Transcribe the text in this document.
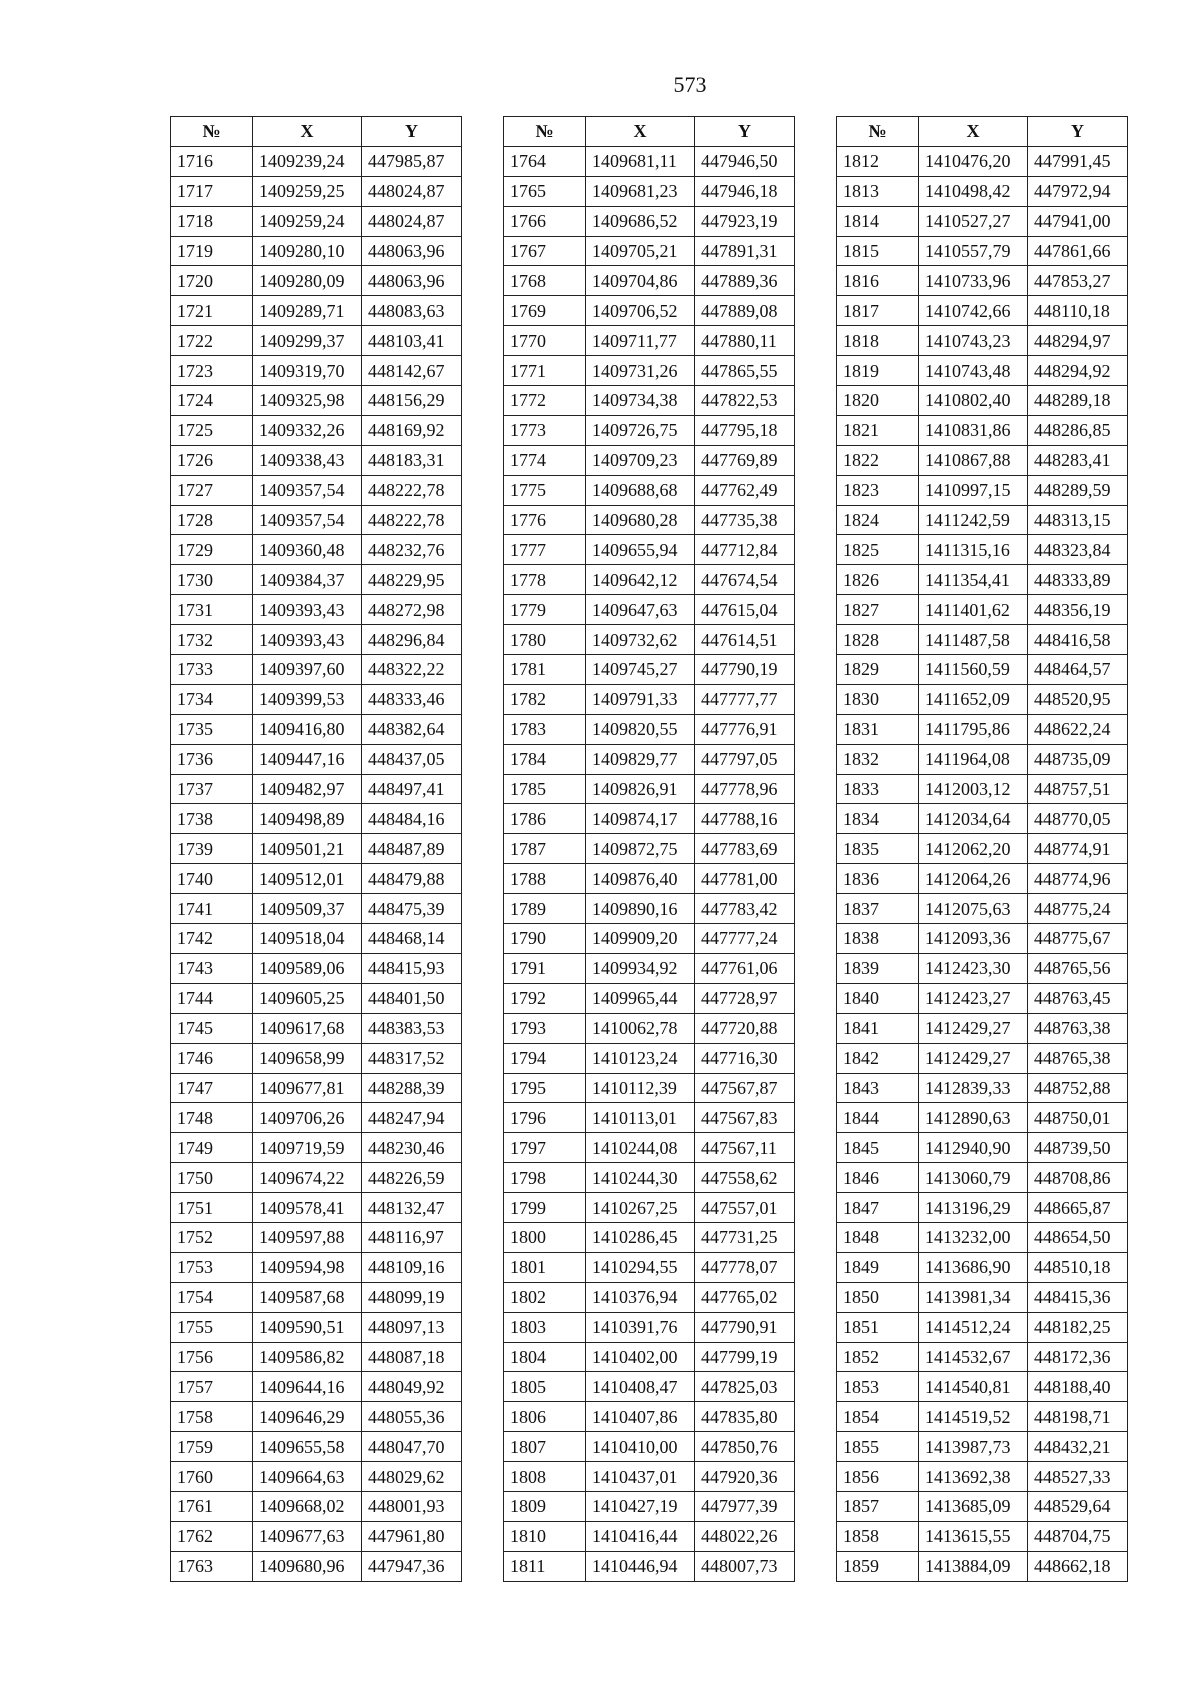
573
№	X	Y
1716	1409239,24	447985,87
1717	1409259,25	448024,87
1718	1409259,24	448024,87
1719	1409280,10	448063,96
1720	1409280,09	448063,96
1721	1409289,71	448083,63
1722	1409299,37	448103,41
1723	1409319,70	448142,67
1724	1409325,98	448156,29
1725	1409332,26	448169,92
1726	1409338,43	448183,31
1727	1409357,54	448222,78
1728	1409357,54	448222,78
1729	1409360,48	448232,76
1730	1409384,37	448229,95
1731	1409393,43	448272,98
1732	1409393,43	448296,84
1733	1409397,60	448322,22
1734	1409399,53	448333,46
1735	1409416,80	448382,64
1736	1409447,16	448437,05
1737	1409482,97	448497,41
1738	1409498,89	448484,16
1739	1409501,21	448487,89
1740	1409512,01	448479,88
1741	1409509,37	448475,39
1742	1409518,04	448468,14
1743	1409589,06	448415,93
1744	1409605,25	448401,50
1745	1409617,68	448383,53
1746	1409658,99	448317,52
1747	1409677,81	448288,39
1748	1409706,26	448247,94
1749	1409719,59	448230,46
1750	1409674,22	448226,59
1751	1409578,41	448132,47
1752	1409597,88	448116,97
1753	1409594,98	448109,16
1754	1409587,68	448099,19
1755	1409590,51	448097,13
1756	1409586,82	448087,18
1757	1409644,16	448049,92
1758	1409646,29	448055,36
1759	1409655,58	448047,70
1760	1409664,63	448029,62
1761	1409668,02	448001,93
1762	1409677,63	447961,80
1763	1409680,96	447947,36
№	X	Y
1764	1409681,11	447946,50
1765	1409681,23	447946,18
1766	1409686,52	447923,19
1767	1409705,21	447891,31
1768	1409704,86	447889,36
1769	1409706,52	447889,08
1770	1409711,77	447880,11
1771	1409731,26	447865,55
1772	1409734,38	447822,53
1773	1409726,75	447795,18
1774	1409709,23	447769,89
1775	1409688,68	447762,49
1776	1409680,28	447735,38
1777	1409655,94	447712,84
1778	1409642,12	447674,54
1779	1409647,63	447615,04
1780	1409732,62	447614,51
1781	1409745,27	447790,19
1782	1409791,33	447777,77
1783	1409820,55	447776,91
1784	1409829,77	447797,05
1785	1409826,91	447778,96
1786	1409874,17	447788,16
1787	1409872,75	447783,69
1788	1409876,40	447781,00
1789	1409890,16	447783,42
1790	1409909,20	447777,24
1791	1409934,92	447761,06
1792	1409965,44	447728,97
1793	1410062,78	447720,88
1794	1410123,24	447716,30
1795	1410112,39	447567,87
1796	1410113,01	447567,83
1797	1410244,08	447567,11
1798	1410244,30	447558,62
1799	1410267,25	447557,01
1800	1410286,45	447731,25
1801	1410294,55	447778,07
1802	1410376,94	447765,02
1803	1410391,76	447790,91
1804	1410402,00	447799,19
1805	1410408,47	447825,03
1806	1410407,86	447835,80
1807	1410410,00	447850,76
1808	1410437,01	447920,36
1809	1410427,19	447977,39
1810	1410416,44	448022,26
1811	1410446,94	448007,73
№	X	Y
1812	1410476,20	447991,45
1813	1410498,42	447972,94
1814	1410527,27	447941,00
1815	1410557,79	447861,66
1816	1410733,96	447853,27
1817	1410742,66	448110,18
1818	1410743,23	448294,97
1819	1410743,48	448294,92
1820	1410802,40	448289,18
1821	1410831,86	448286,85
1822	1410867,88	448283,41
1823	1410997,15	448289,59
1824	1411242,59	448313,15
1825	1411315,16	448323,84
1826	1411354,41	448333,89
1827	1411401,62	448356,19
1828	1411487,58	448416,58
1829	1411560,59	448464,57
1830	1411652,09	448520,95
1831	1411795,86	448622,24
1832	1411964,08	448735,09
1833	1412003,12	448757,51
1834	1412034,64	448770,05
1835	1412062,20	448774,91
1836	1412064,26	448774,96
1837	1412075,63	448775,24
1838	1412093,36	448775,67
1839	1412423,30	448765,56
1840	1412423,27	448763,45
1841	1412429,27	448763,38
1842	1412429,27	448765,38
1843	1412839,33	448752,88
1844	1412890,63	448750,01
1845	1412940,90	448739,50
1846	1413060,79	448708,86
1847	1413196,29	448665,87
1848	1413232,00	448654,50
1849	1413686,90	448510,18
1850	1413981,34	448415,36
1851	1414512,24	448182,25
1852	1414532,67	448172,36
1853	1414540,81	448188,40
1854	1414519,52	448198,71
1855	1413987,73	448432,21
1856	1413692,38	448527,33
1857	1413685,09	448529,64
1858	1413615,55	448704,75
1859	1413884,09	448662,18
